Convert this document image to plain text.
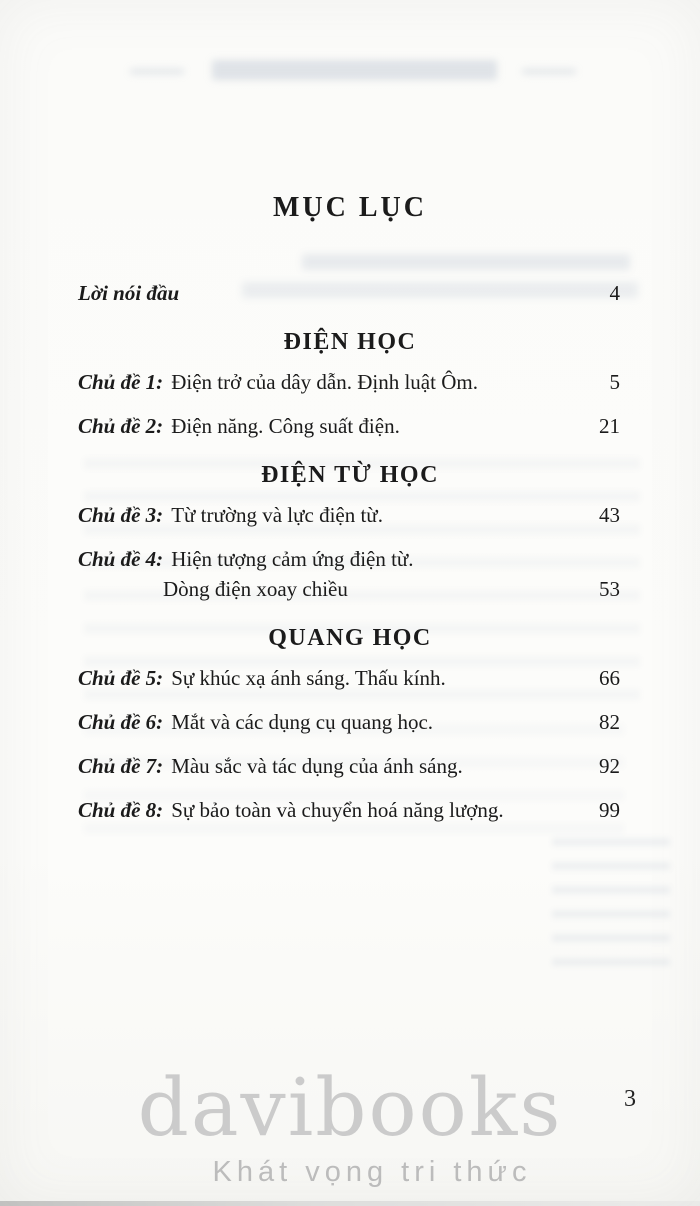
MỤC LỤC
Lời nói đầu	4
ĐIỆN HỌC
Chủ đề 1: Điện trở của dây dẫn. Định luật Ôm.	5
Chủ đề 2: Điện năng. Công suất điện.	21
ĐIỆN TỪ HỌC
Chủ đề 3: Từ trường và lực điện từ.	43
Chủ đề 4: Hiện tượng cảm ứng điện từ.
Dòng điện xoay chiều	53
QUANG HỌC
Chủ đề 5: Sự khúc xạ ánh sáng. Thấu kính.	66
Chủ đề 6: Mắt và các dụng cụ quang học.	82
Chủ đề 7: Màu sắc và tác dụng của ánh sáng.	92
Chủ đề 8: Sự bảo toàn và chuyển hoá năng lượng.	99
3
davibooks
Khát vọng tri thức
